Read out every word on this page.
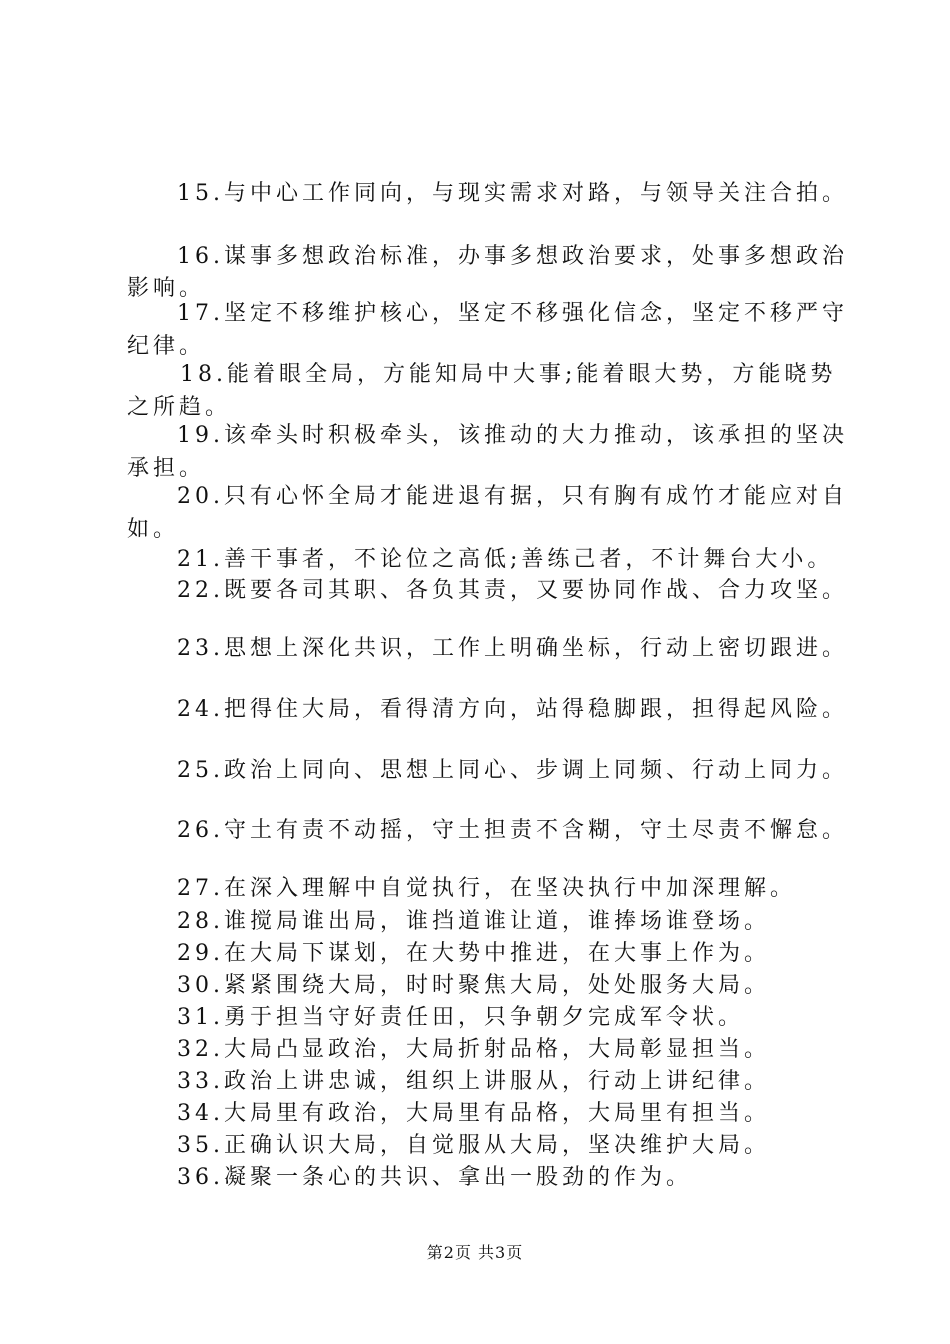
15.与中心工作同向，与现实需求对路，与领导关注合拍。
16.谋事多想政治标准，办事多想政治要求，处事多想政治
影响。
17.坚定不移维护核心，坚定不移强化信念，坚定不移严守
纪律。
18.能着眼全局，方能知局中大事;能着眼大势，方能晓势
之所趋。
19.该牵头时积极牵头，该推动的大力推动，该承担的坚决
承担。
20.只有心怀全局才能进退有据，只有胸有成竹才能应对自
如。
21.善干事者，不论位之高低;善练己者，不计舞台大小。
22.既要各司其职、各负其责，又要协同作战、合力攻坚。
23.思想上深化共识，工作上明确坐标，行动上密切跟进。
24.把得住大局，看得清方向，站得稳脚跟，担得起风险。
25.政治上同向、思想上同心、步调上同频、行动上同力。
26.守土有责不动摇，守土担责不含糊，守土尽责不懈怠。
27.在深入理解中自觉执行，在坚决执行中加深理解。
28.谁搅局谁出局，谁挡道谁让道，谁捧场谁登场。
29.在大局下谋划，在大势中推进，在大事上作为。
30.紧紧围绕大局，时时聚焦大局，处处服务大局。
31.勇于担当守好责任田，只争朝夕完成军令状。
32.大局凸显政治，大局折射品格，大局彰显担当。
33.政治上讲忠诚，组织上讲服从，行动上讲纪律。
34.大局里有政治，大局里有品格，大局里有担当。
35.正确认识大局，自觉服从大局，坚决维护大局。
36.凝聚一条心的共识、拿出一股劲的作为。
第2页 共3页
